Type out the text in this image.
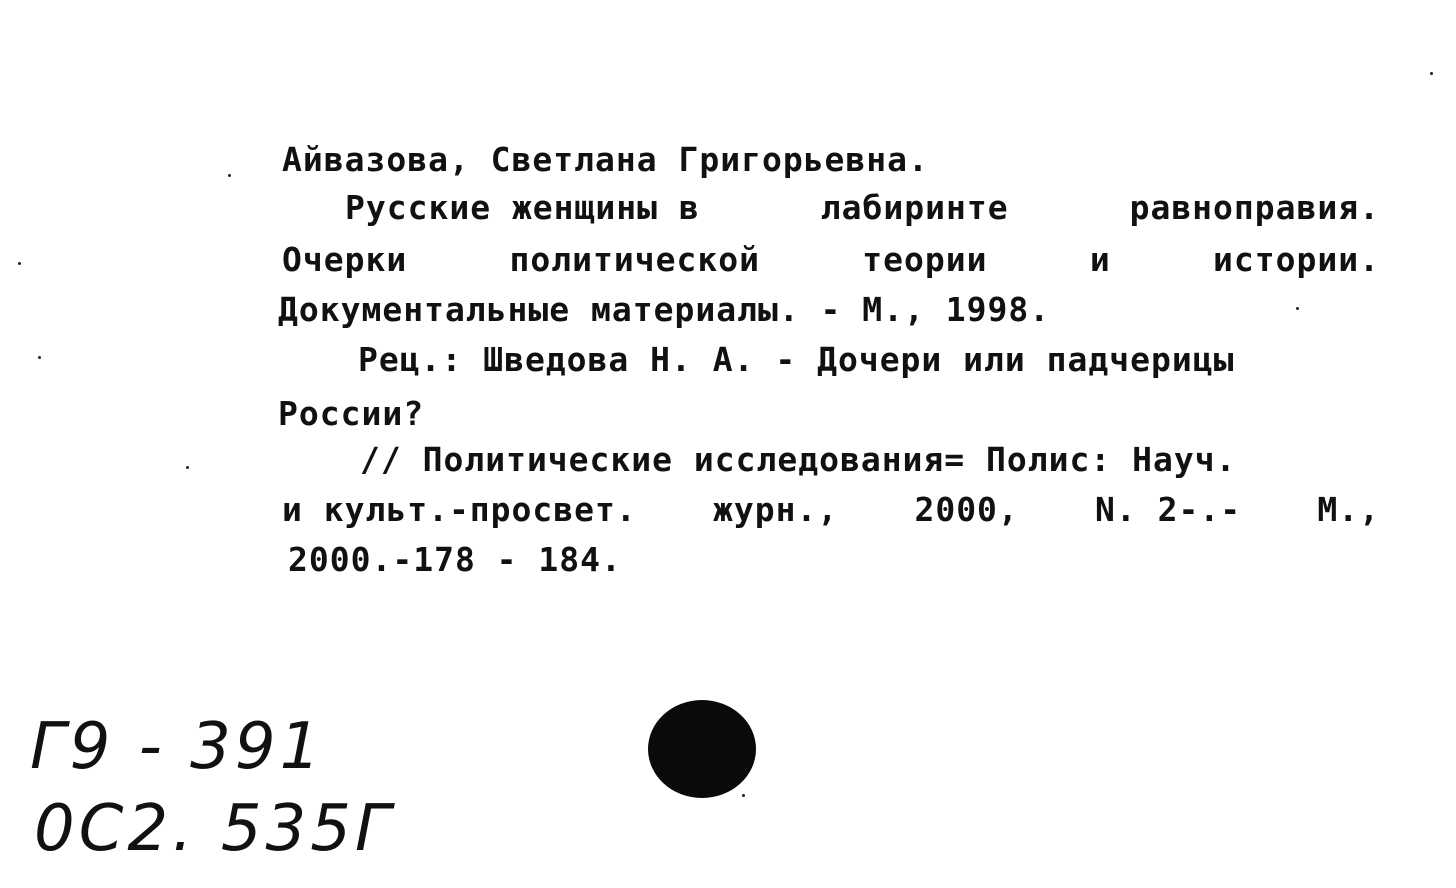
Айвазова, Светлана Григорьевна.
Русские женщины в	лабиринте	равноправия.
Очерки	политической	теории	и	истории.
Документальные материалы. - М., 1998.
Рец.: Шведова Н. А. - Дочери или падчерицы
России?
// Политические исследования= Полис: Науч.
и культ.-просвет. журн., 2000, N. 2-.- М.,
2000.-178 - 184.
Г9 - 391
0С2. 535Г
